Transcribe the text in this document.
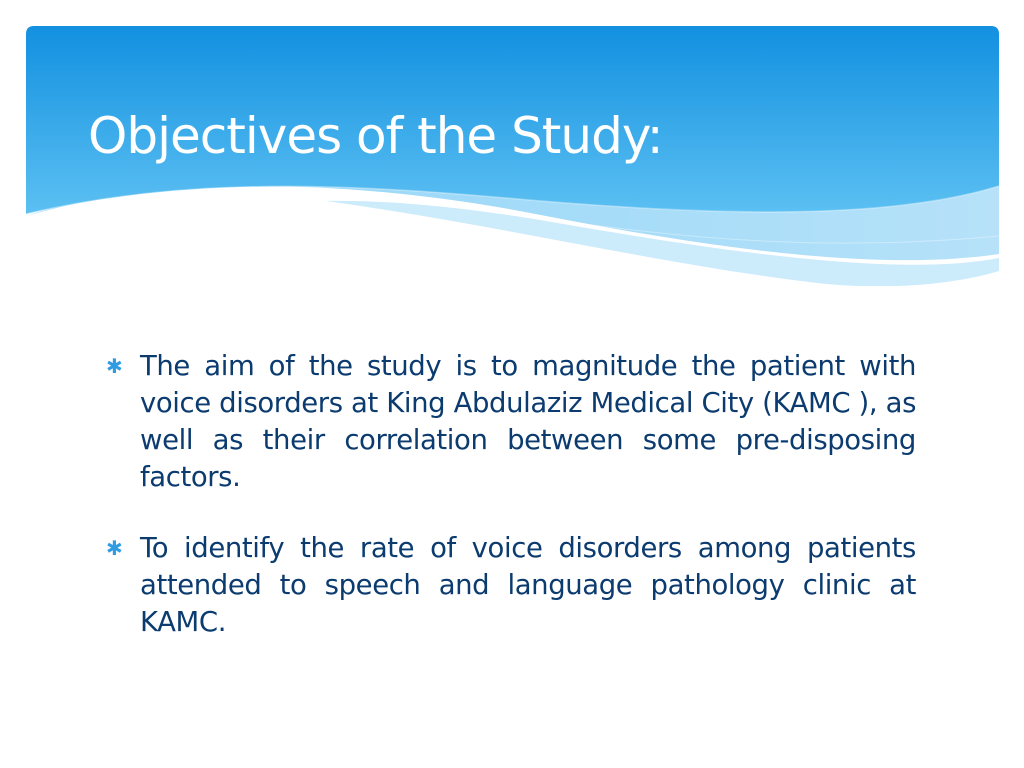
Objectives of the Study:
✱ The aim of the study is to magnitude the patient with voice disorders at King Abdulaziz Medical City (KAMC ), as well as their correlation between some pre-disposing factors.
✱ To identify the rate of voice disorders among patients attended to speech and language pathology clinic at KAMC.
